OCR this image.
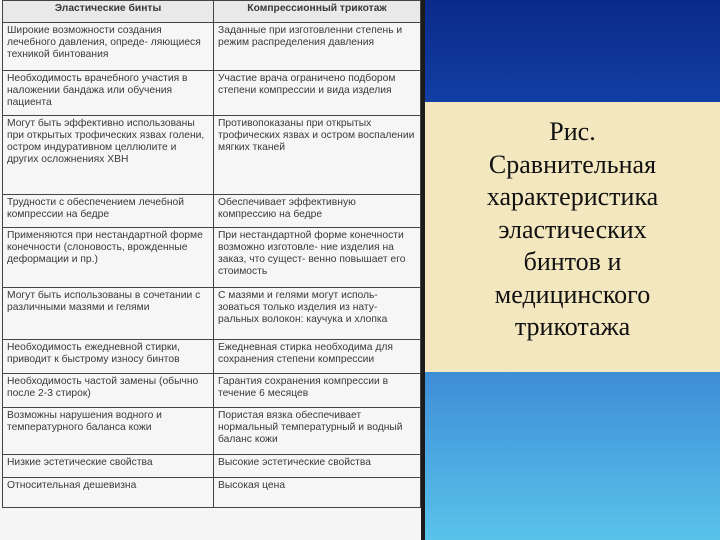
Эластические бинты	Компрессионный трикотаж
Широкие возможности создания лечебного давления, опреде- ляющиеся техникой бинтования	Заданные при изготовленни степень и режим распределения давления
Необходимость врачебного участия в наложении бандажа или обучения пациента	Участие врача ограничено подбором степени компрессии и вида изделия
Могут быть эффективно использованы при открытых трофических язвах голени, остром индуративном целлюлите и других осложнениях ХВН	Противопоказаны при открытых трофических язвах и остром воспалении мягких тканей
Трудности с обеспечением лечебной компрессии на бедре	Обеспечивает эффективную компрессию на бедре
Применяются при нестандартной форме конечности (слоновость, врожденные деформации и пр.)	При нестандартной форме конечности возможно изготовле- ние изделия на заказ, что сущест- венно повышает его стоимость
Могут быть использованы в сочетании с различными мазями и гелями	С мазями и гелями могут исполь- зоваться только изделия из нату- ральных волокон: каучука и хлопка
Необходимость ежедневной стирки, приводит к быстрому износу бинтов	Ежедневная стирка необходима для сохранения степени компрессии
Необходимость частой замены (обычно после 2-3 стирок)	Гарантия сохранения компрессии в течение 6 месяцев
Возможны нарушения водного и температурного баланса кожи	Пористая вязка обеспечивает нормальный температурный и водный баланс кожи
Низкие эстетические свойства	Высокие эстетические свойства
Относительная дешевизна	Высокая цена
Рис.
Сравнительная
характеристика
эластических
бинтов и
медицинского
трикотажа
